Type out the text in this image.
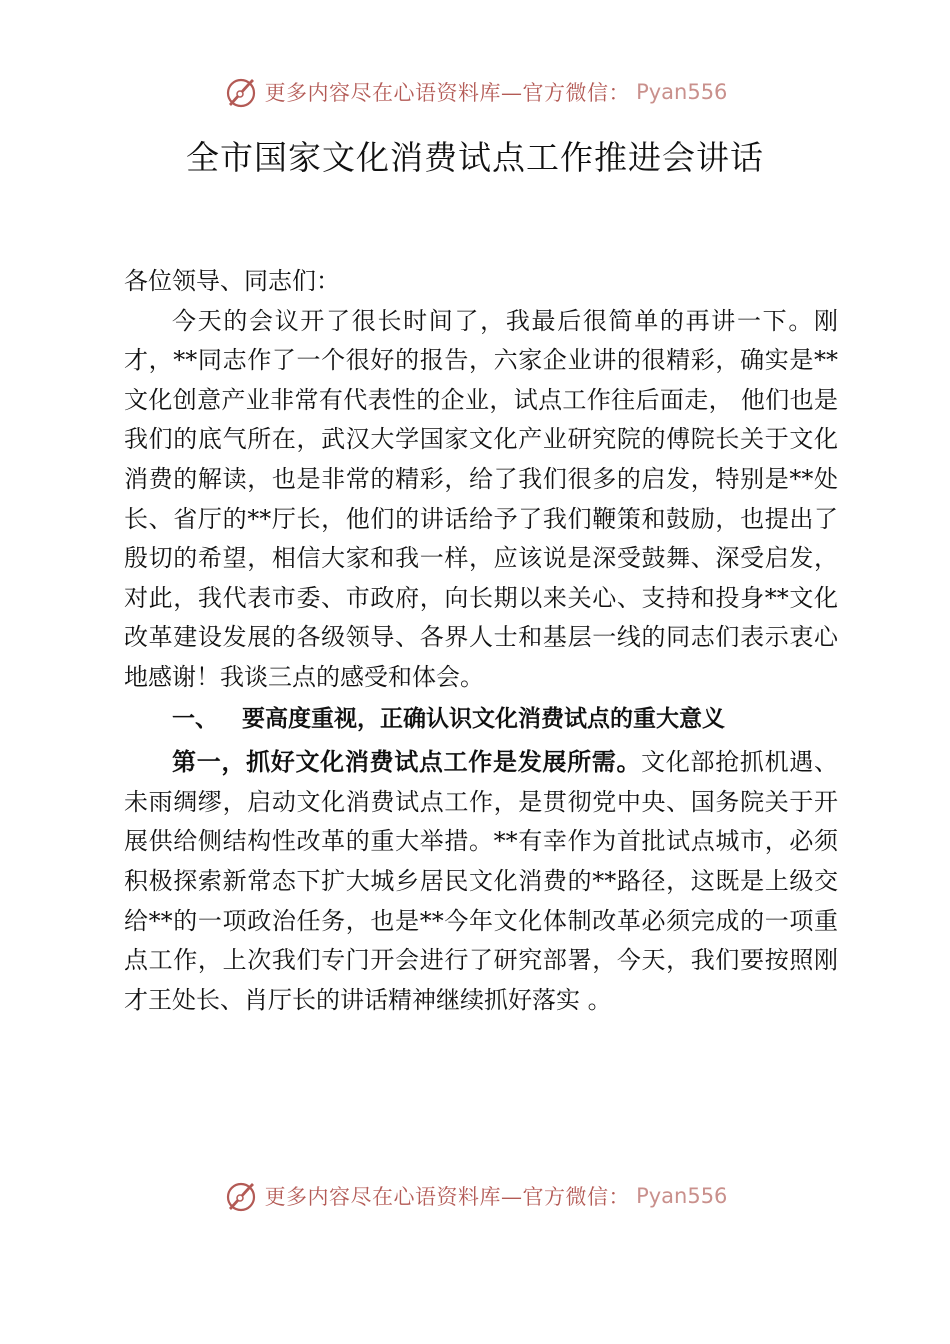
更多内容尽在心语资料库—官方微信： Pyan556
全市国家文化消费试点工作推进会讲话

各位领导、同志们：

今天的会议开了很长时间了，我最后很简单的再讲一下。刚才，**同志作了一个很好的报告，六家企业讲的很精彩，确实是**文化创意产业非常有代表性的企业，试点工作往后面走， 他们也是我们的底气所在，武汉大学国家文化产业研究院的傅院长关于文化消费的解读，也是非常的精彩，给了我们很多的启发，特别是**处长、省厅的**厅长，他们的讲话给予了我们鞭策和鼓励，也提出了殷切的希望，相信大家和我一样，应该说是深受鼓舞、深受启发，对此，我代表市委、市政府，向长期以来关心、支持和投身**文化改革建设发展的各级领导、各界人士和基层一线的同志们表示衷心地感谢！我谈三点的感受和体会。

一、 要高度重视，正确认识文化消费试点的重大意义

第一，抓好文化消费试点工作是发展所需。文化部抢抓机遇、未雨绸缪，启动文化消费试点工作，是贯彻党中央、国务院关于开展供给侧结构性改革的重大举措。**有幸作为首批试点城市，必须积极探索新常态下扩大城乡居民文化消费的**路径，这既是上级交给**的一项政治任务，也是**今年文化体制改革必须完成的一项重点工作，上次我们专门开会进行了研究部署，今天，我们要按照刚才王处长、肖厅长的讲话精神继续抓好落实 。

更多内容尽在心语资料库—官方微信： Pyan556
